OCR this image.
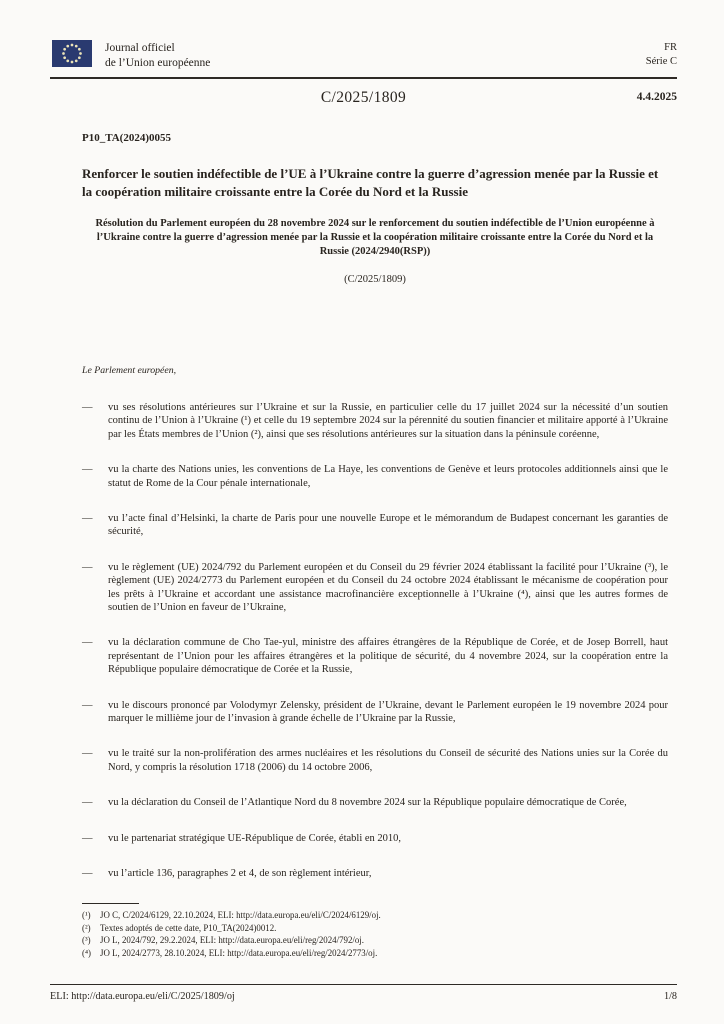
Journal officiel
de l’Union européenne
FR
Série C
C/2025/1809	4.4.2025
P10_TA(2024)0055
Renforcer le soutien indéfectible de l’UE à l’Ukraine contre la guerre d’agression menée par la Russie et la coopération militaire croissante entre la Corée du Nord et la Russie
Résolution du Parlement européen du 28 novembre 2024 sur le renforcement du soutien indéfectible de l’Union européenne à l’Ukraine contre la guerre d’agression menée par la Russie et la coopération militaire croissante entre la Corée du Nord et la Russie (2024/2940(RSP))
(C/2025/1809)
Le Parlement européen,
— vu ses résolutions antérieures sur l’Ukraine et sur la Russie, en particulier celle du 17 juillet 2024 sur la nécessité d’un soutien continu de l’Union à l’Ukraine (¹) et celle du 19 septembre 2024 sur la pérennité du soutien financier et militaire apporté à l’Ukraine par les États membres de l’Union (²), ainsi que ses résolutions antérieures sur la situation dans la péninsule coréenne,
— vu la charte des Nations unies, les conventions de La Haye, les conventions de Genève et leurs protocoles additionnels ainsi que le statut de Rome de la Cour pénale internationale,
— vu l’acte final d’Helsinki, la charte de Paris pour une nouvelle Europe et le mémorandum de Budapest concernant les garanties de sécurité,
— vu le règlement (UE) 2024/792 du Parlement européen et du Conseil du 29 février 2024 établissant la facilité pour l’Ukraine (³), le règlement (UE) 2024/2773 du Parlement européen et du Conseil du 24 octobre 2024 établissant le mécanisme de coopération pour les prêts à l’Ukraine et accordant une assistance macrofinancière exceptionnelle à l’Ukraine (⁴), ainsi que les autres formes de soutien de l’Union en faveur de l’Ukraine,
— vu la déclaration commune de Cho Tae-yul, ministre des affaires étrangères de la République de Corée, et de Josep Borrell, haut représentant de l’Union pour les affaires étrangères et la politique de sécurité, du 4 novembre 2024, sur la coopération entre la République populaire démocratique de Corée et la Russie,
— vu le discours prononcé par Volodymyr Zelensky, président de l’Ukraine, devant le Parlement européen le 19 novembre 2024 pour marquer le millième jour de l’invasion à grande échelle de l’Ukraine par la Russie,
— vu le traité sur la non-prolifération des armes nucléaires et les résolutions du Conseil de sécurité des Nations unies sur la Corée du Nord, y compris la résolution 1718 (2006) du 14 octobre 2006,
— vu la déclaration du Conseil de l’Atlantique Nord du 8 novembre 2024 sur la République populaire démocratique de Corée,
— vu le partenariat stratégique UE-République de Corée, établi en 2010,
— vu l’article 136, paragraphes 2 et 4, de son règlement intérieur,
(¹) JO C, C/2024/6129, 22.10.2024, ELI: http://data.europa.eu/eli/C/2024/6129/oj.
(²) Textes adoptés de cette date, P10_TA(2024)0012.
(³) JO L, 2024/792, 29.2.2024, ELI: http://data.europa.eu/eli/reg/2024/792/oj.
(⁴) JO L, 2024/2773, 28.10.2024, ELI: http://data.europa.eu/eli/reg/2024/2773/oj.
ELI: http://data.europa.eu/eli/C/2025/1809/oj	1/8
